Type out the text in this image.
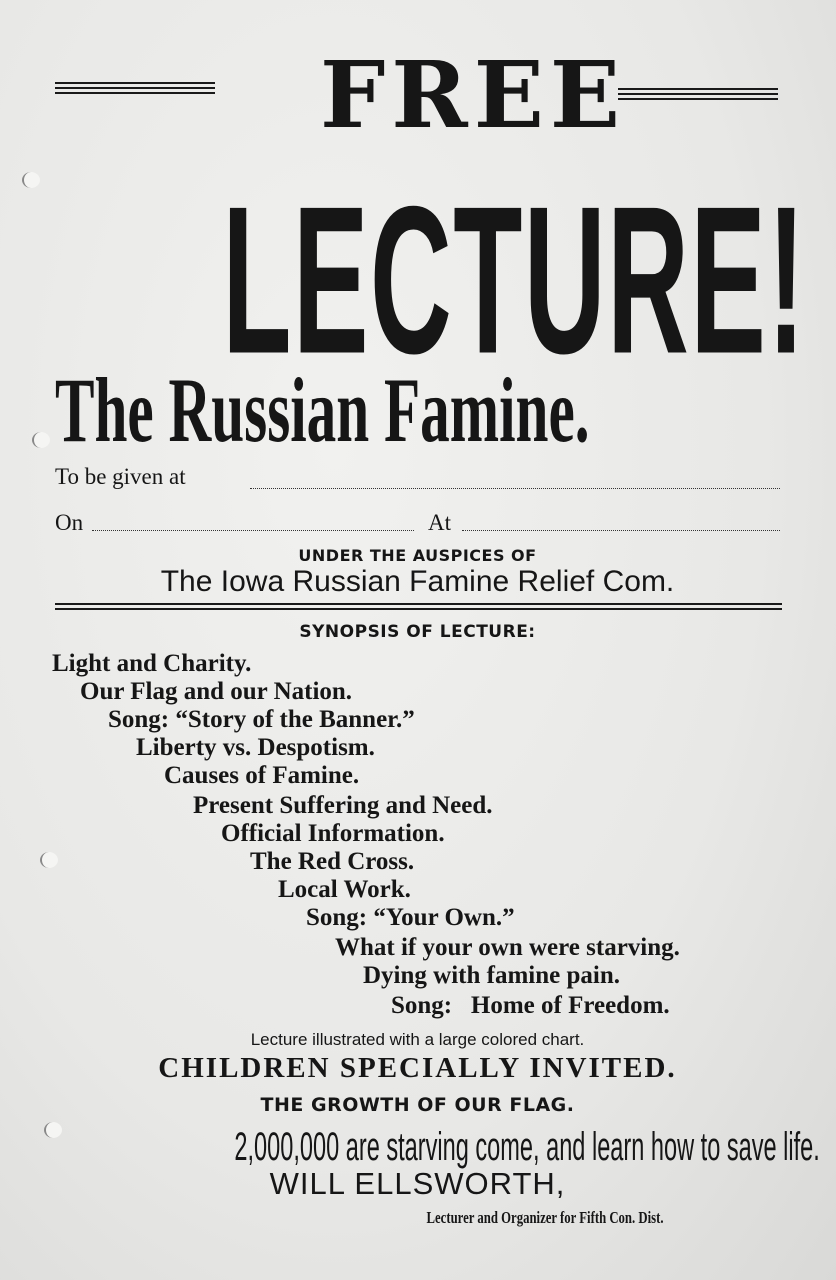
FREE
LECTURE!
The Russian Famine.
To be given at
On	At
UNDER THE AUSPICES OF
The Iowa Russian Famine Relief Com.
SYNOPSIS OF LECTURE:
Light and Charity.
Our Flag and our Nation.
Song: “Story of the Banner.”
Liberty vs. Despotism.
Causes of Famine.
Present Suffering and Need.
Official Information.
The Red Cross.
Local Work.
Song: “Your Own.”
What if your own were starving.
Dying with famine pain.
Song:   Home of Freedom.
Lecture illustrated with a large colored chart.
CHILDREN SPECIALLY INVITED.
THE GROWTH OF OUR FLAG.
2,000,000 are starving come, and learn how to save life.
WILL ELLSWORTH,
Lecturer and Organizer for Fifth Con. Dist.
